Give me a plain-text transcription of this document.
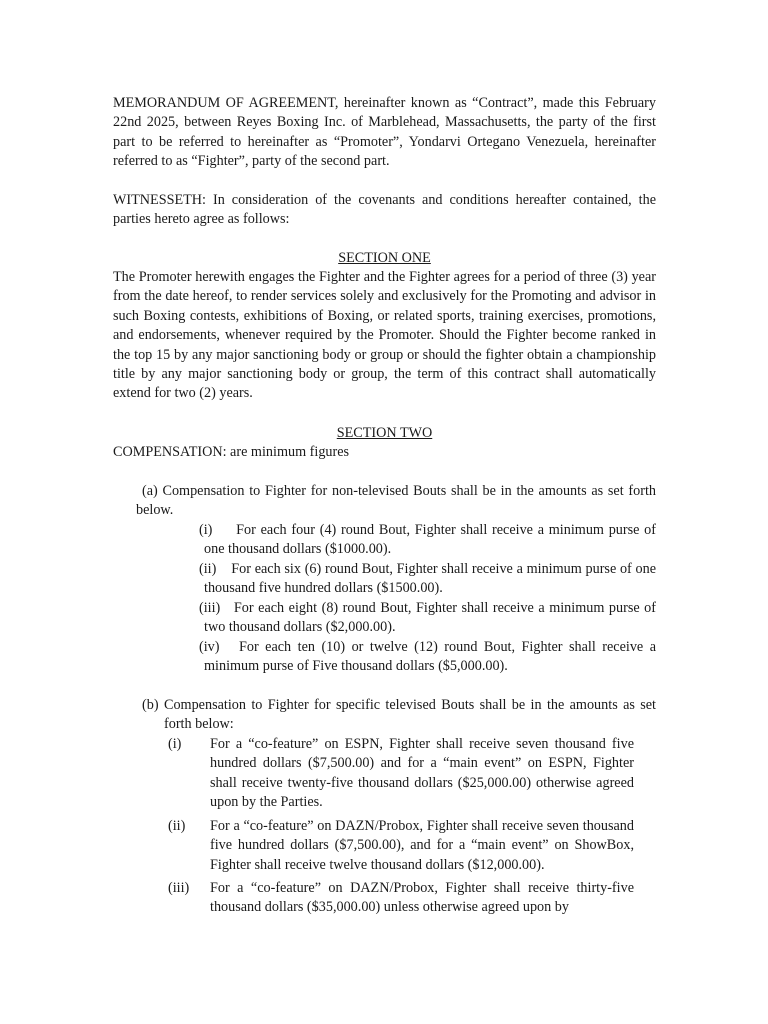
MEMORANDUM OF AGREEMENT, hereinafter known as “Contract”, made this February 22nd 2025, between Reyes Boxing Inc. of Marblehead, Massachusetts, the party of the first part to be referred to hereinafter as “Promoter”, Yondarvi Ortegano Venezuela, hereinafter referred to as “Fighter”, party of the second part.

WITNESSETH: In consideration of the covenants and conditions hereafter contained, the parties hereto agree as follows:

SECTION ONE

The Promoter herewith engages the Fighter and the Fighter agrees for a period of three (3) year from the date hereof, to render services solely and exclusively for the Promoting and advisor in such Boxing contests, exhibitions of Boxing, or related sports, training exercises, promotions, and endorsements, whenever required by the Promoter. Should the Fighter become ranked in the top 15 by any major sanctioning body or group or should the fighter obtain a championship title by any major sanctioning body or group, the term of this contract shall automatically extend for two (2) years.

SECTION TWO

COMPENSATION: are minimum figures

(a) Compensation to Fighter for non-televised Bouts shall be in the amounts as set forth below.

(i) For each four (4) round Bout, Fighter shall receive a minimum purse of one thousand dollars ($1000.00).

(ii) For each six (6) round Bout, Fighter shall receive a minimum purse of one thousand five hundred dollars ($1500.00).

(iii) For each eight (8) round Bout, Fighter shall receive a minimum purse of two thousand dollars ($2,000.00).

(iv) For each ten (10) or twelve (12) round Bout, Fighter shall receive a minimum purse of Five thousand dollars ($5,000.00).

(b) Compensation to Fighter for specific televised Bouts shall be in the amounts as set forth below:
(i)	For a “co-feature” on ESPN, Fighter shall receive seven thousand five hundred dollars ($7,500.00) and for a “main event” on ESPN, Fighter shall receive twenty-five thousand dollars ($25,000.00) otherwise agreed upon by the Parties.
(ii)	For a “co-feature” on DAZN/Probox, Fighter shall receive seven thousand five hundred dollars ($7,500.00), and for a “main event” on ShowBox, Fighter shall receive twelve thousand dollars ($12,000.00).
(iii)	For a “co-feature” on DAZN/Probox, Fighter shall receive thirty-five thousand dollars ($35,000.00) unless otherwise agreed upon by
